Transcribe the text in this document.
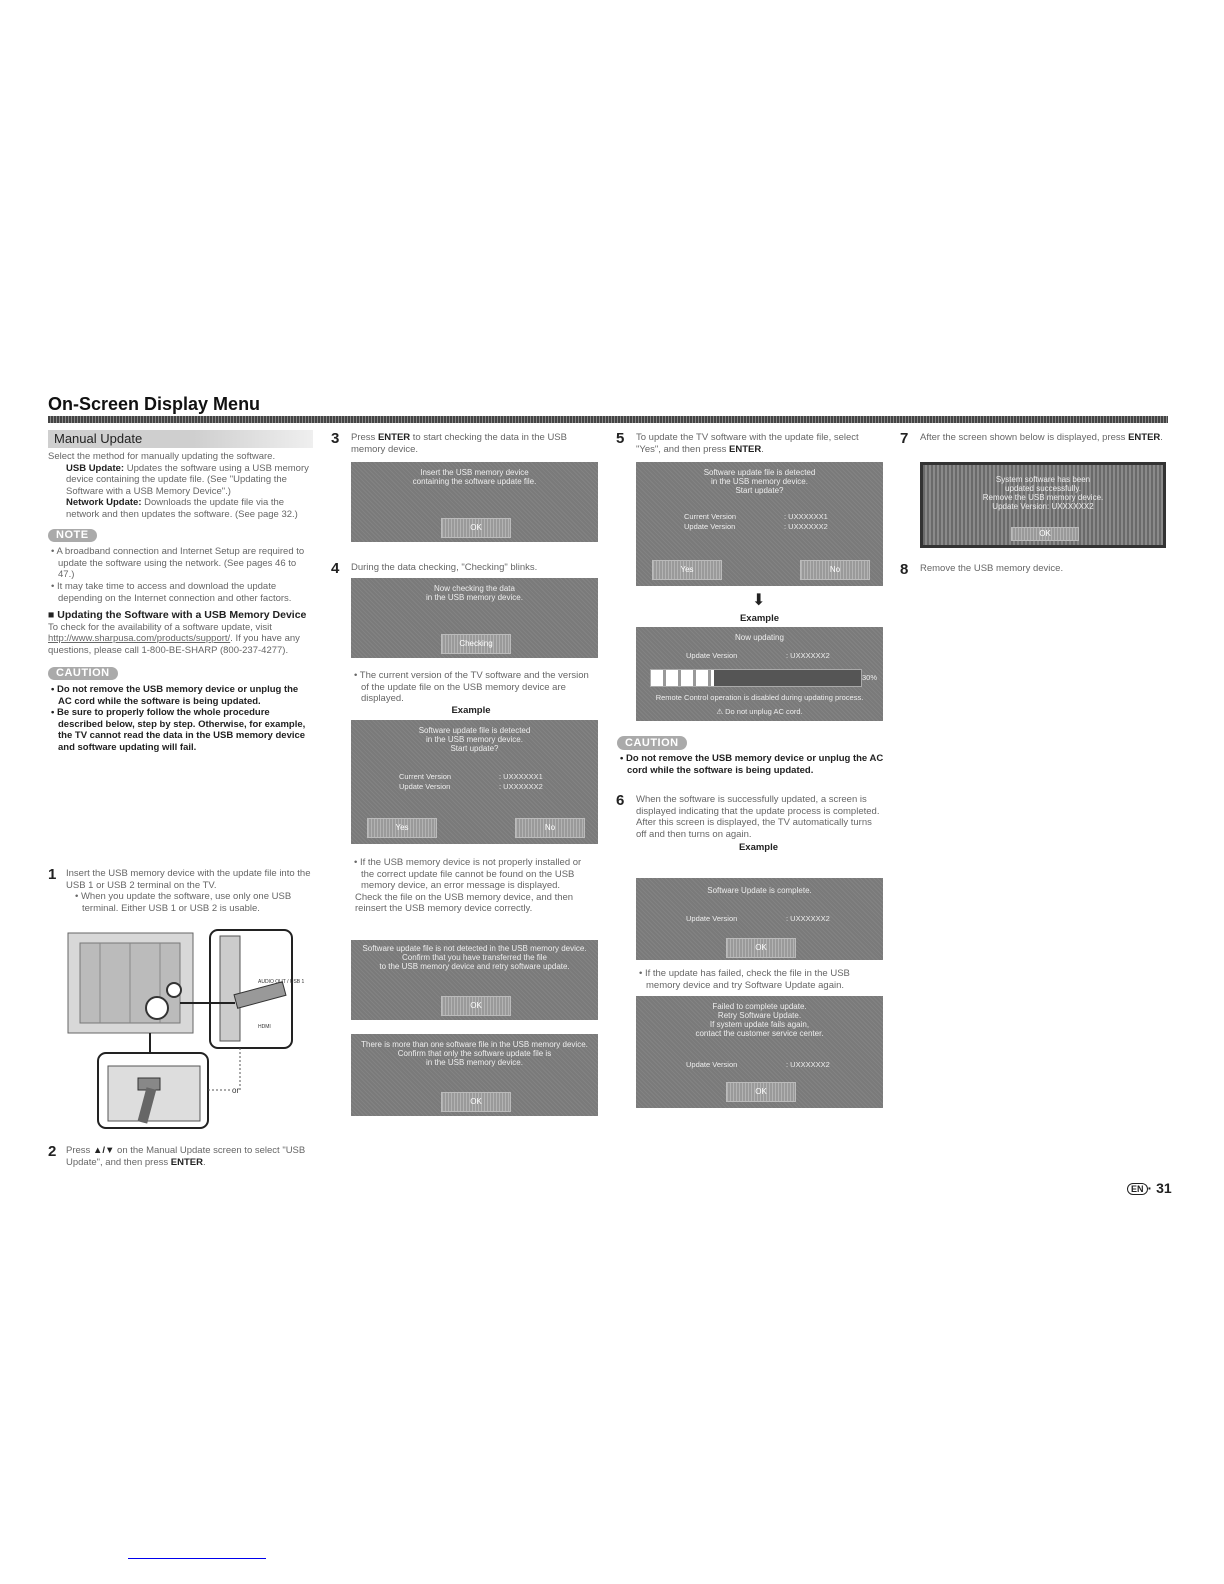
On-Screen Display Menu
Manual Update

Select the method for manually updating the software.

USB Update: Updates the software using a USB memory device containing the update file. (See "Updating the Software with a USB Memory Device".)

Network Update: Downloads the update file via the network and then updates the software. (See page 32.)

NOTE

• A broadband connection and Internet Setup are required to update the software using the network. (See pages 46 to 47.)

• It may take time to access and download the update depending on the Internet connection and other factors.

■ Updating the Software with a USB Memory Device

To check for the availability of a software update, visit http://www.sharpusa.com/products/support/. If you have any questions, please call 1-800-BE-SHARP (800-237-4277).

CAUTION

• Do not remove the USB memory device or unplug the AC cord while the software is being updated.

• Be sure to properly follow the whole procedure described below, step by step. Otherwise, for example, the TV cannot read the data in the USB memory device and software updating will fail.

1 Insert the USB memory device with the update file into the USB 1 or USB 2 terminal on the TV.

• When you update the software, use only one USB terminal. Either USB 1 or USB 2 is usable.

AUDIO OUT / USB 1
HDMI
or
2 Press ▲/▼ on the Manual Update screen to select "USB Update", and then press ENTER.

3 Press ENTER to start checking the data in the USB memory device.

Insert the USB memory device
containing the software update file.
OK
4 During the data checking, "Checking" blinks.

Now checking the data
in the USB memory device.
Checking

• The current version of the TV software and the version of the update file on the USB memory device are displayed.

Example

Software update file is detected
in the USB memory device.
Start update?
Current Version	: UXXXXXX1
Update Version	: UXXXXXX2
Yes	No

• If the USB memory device is not properly installed or the correct update file cannot be found on the USB memory device, an error message is displayed.

Check the file on the USB memory device, and then reinsert the USB memory device correctly.

Software update file is not detected in the USB memory device.
Confirm that you have transferred the file
to the USB memory device and retry software update.
OK
There is more than one software file in the USB memory device.
Confirm that only the software update file is
in the USB memory device.
OK
5 To update the TV software with the update file, select "Yes", and then press ENTER.

Software update file is detected
in the USB memory device.
Start update?
Current Version	: UXXXXXX1
Update Version	: UXXXXXX2
Yes	No
⬇
Example
Now updating
Update Version	: UXXXXXX2
30%
Remote Control operation is disabled during updating process.
⚠ Do not unplug AC cord.
CAUTION

• Do not remove the USB memory device or unplug the AC cord while the software is being updated.

6 When the software is successfully updated, a screen is displayed indicating that the update process is completed.

After this screen is displayed, the TV automatically turns off and then turns on again.

Example

Software Update is complete.
Update Version	: UXXXXXX2
OK

• If the update has failed, check the file in the USB memory device and try Software Update again.

Failed to complete update.
Retry Software Update.
If system update fails again,
contact the customer service center.
Update Version	: UXXXXXX2
OK
7 After the screen shown below is displayed, press ENTER.

System software has been
updated successfully.
Remove the USB memory device.
Update Version: UXXXXXX2
OK
8 Remove the USB memory device.

EN · 31
